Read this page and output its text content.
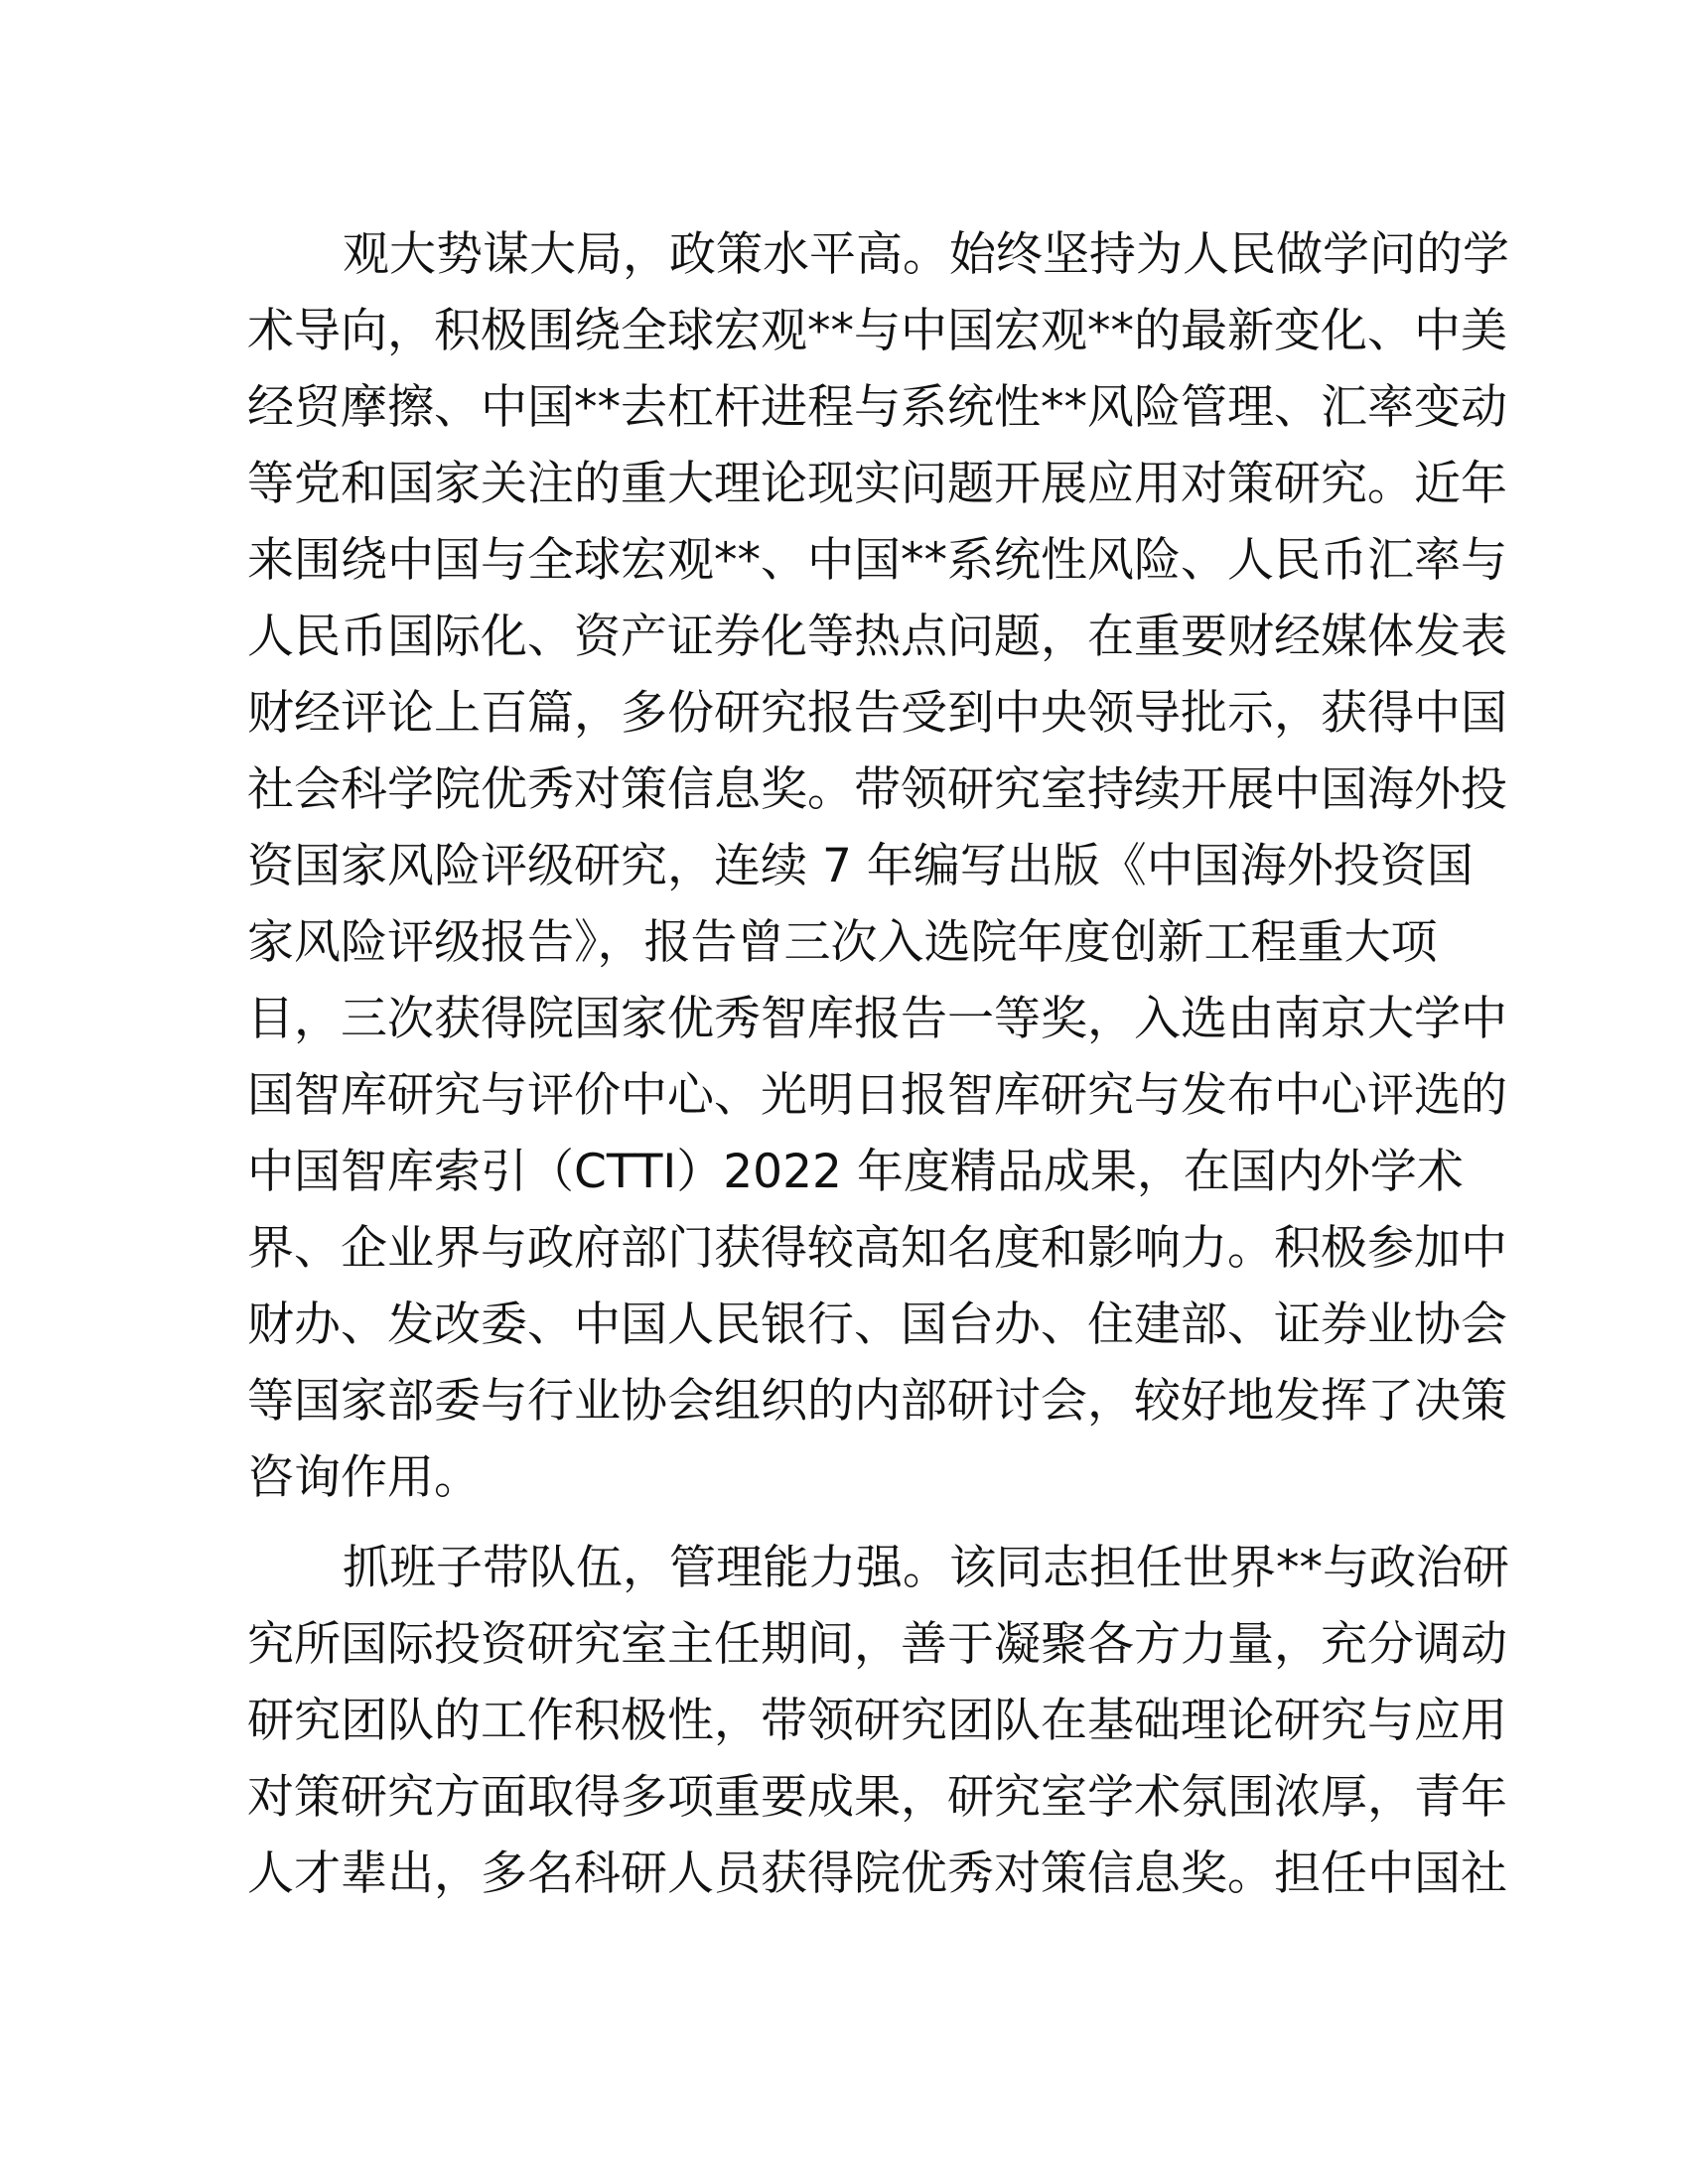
观大势谋大局，政策水平高。始终坚持为人民做学问的学
术导向，积极围绕全球宏观**与中国宏观**的最新变化、中美
经贸摩擦、中国**去杠杆进程与系统性**风险管理、汇率变动
等党和国家关注的重大理论现实问题开展应用对策研究。近年
来围绕中国与全球宏观**、中国**系统性风险、人民币汇率与
人民币国际化、资产证券化等热点问题，在重要财经媒体发表
财经评论上百篇，多份研究报告受到中央领导批示，获得中国
社会科学院优秀对策信息奖。带领研究室持续开展中国海外投
资国家风险评级研究，连续 7 年编写出版《中国海外投资国
家风险评级报告》，报告曾三次入选院年度创新工程重大项
目，三次获得院国家优秀智库报告一等奖，入选由南京大学中
国智库研究与评价中心、光明日报智库研究与发布中心评选的
中国智库索引（CTTI）2022 年度精品成果，在国内外学术
界、企业界与政府部门获得较高知名度和影响力。积极参加中
财办、发改委、中国人民银行、国台办、住建部、证券业协会
等国家部委与行业协会组织的内部研讨会，较好地发挥了决策
咨询作用。
抓班子带队伍，管理能力强。该同志担任世界**与政治研
究所国际投资研究室主任期间，善于凝聚各方力量，充分调动
研究团队的工作积极性，带领研究团队在基础理论研究与应用
对策研究方面取得多项重要成果，研究室学术氛围浓厚，青年
人才辈出，多名科研人员获得院优秀对策信息奖。担任中国社
